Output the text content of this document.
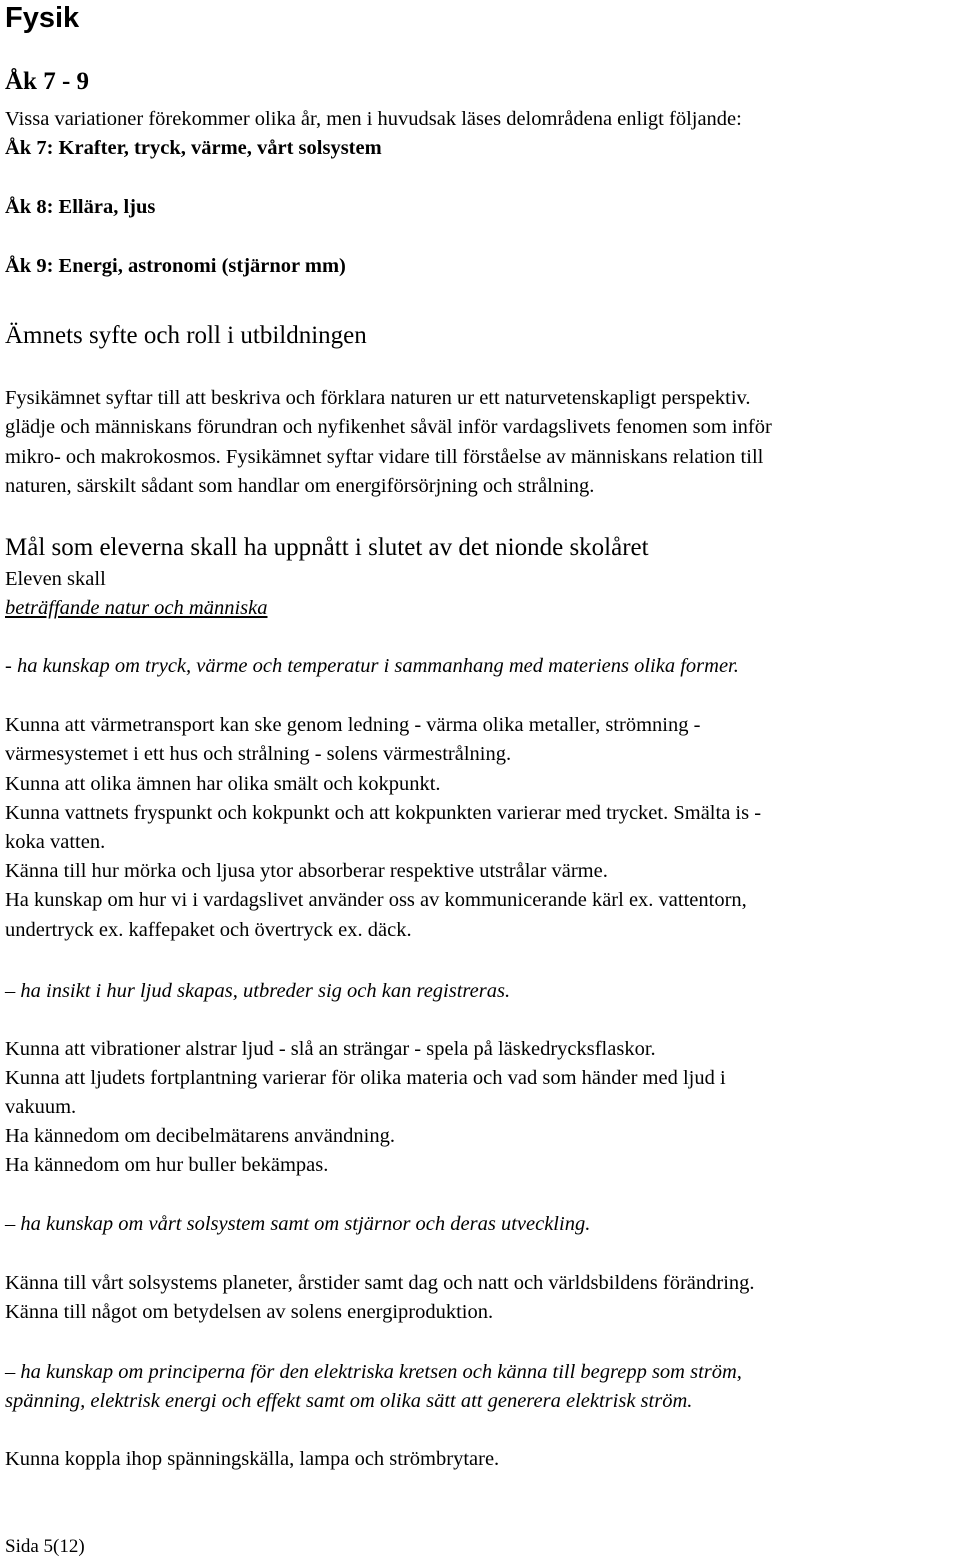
Fysik
Åk 7 - 9
Vissa variationer förekommer olika år, men i huvudsak läses delområdena enligt följande:
Åk 7: Krafter, tryck, värme, vårt solsystem
Åk 8: Ellära, ljus
Åk 9: Energi, astronomi (stjärnor mm)
Ämnets syfte och roll i utbildningen
Fysikämnet syftar till att beskriva och förklara naturen ur ett naturvetenskapligt perspektiv.
glädje och människans förundran och nyfikenhet såväl inför vardagslivets fenomen som inför
mikro- och makrokosmos. Fysikämnet syftar vidare till förståelse av människans relation till
naturen, särskilt sådant som handlar om energiförsörjning och strålning.
Mål som eleverna skall ha uppnått i slutet av det nionde skolåret
Eleven skall
beträffande natur och människa
- ha kunskap om tryck, värme och temperatur i sammanhang med materiens olika former.
Kunna att värmetransport kan ske genom ledning - värma olika metaller, strömning -
värmesystemet i ett hus och strålning - solens värmestrålning.
Kunna att olika ämnen har olika smält och kokpunkt.
Kunna vattnets fryspunkt och kokpunkt och att kokpunkten varierar med trycket. Smälta is -
koka vatten.
Känna till hur mörka och ljusa ytor absorberar respektive utstrålar värme.
Ha kunskap om hur vi i vardagslivet använder oss av kommunicerande kärl ex. vattentorn,
undertryck ex. kaffepaket och övertryck ex. däck.
– ha insikt i hur ljud skapas, utbreder sig och kan registreras.
Kunna att vibrationer alstrar ljud - slå an strängar - spela på läskedrycksflaskor.
Kunna att ljudets fortplantning varierar för olika materia och vad som händer med ljud i
vakuum.
Ha kännedom om decibelmätarens användning.
Ha kännedom om hur buller bekämpas.
– ha kunskap om vårt solsystem samt om stjärnor och deras utveckling.
Känna till vårt solsystems planeter, årstider samt dag och natt och världsbildens förändring.
Känna till något om betydelsen av solens energiproduktion.
– ha kunskap om principerna för den elektriska kretsen och känna till begrepp som ström,
spänning, elektrisk energi och effekt samt om olika sätt att generera elektrisk ström.
Kunna koppla ihop spänningskälla, lampa och strömbrytare.
Sida 5(12)
